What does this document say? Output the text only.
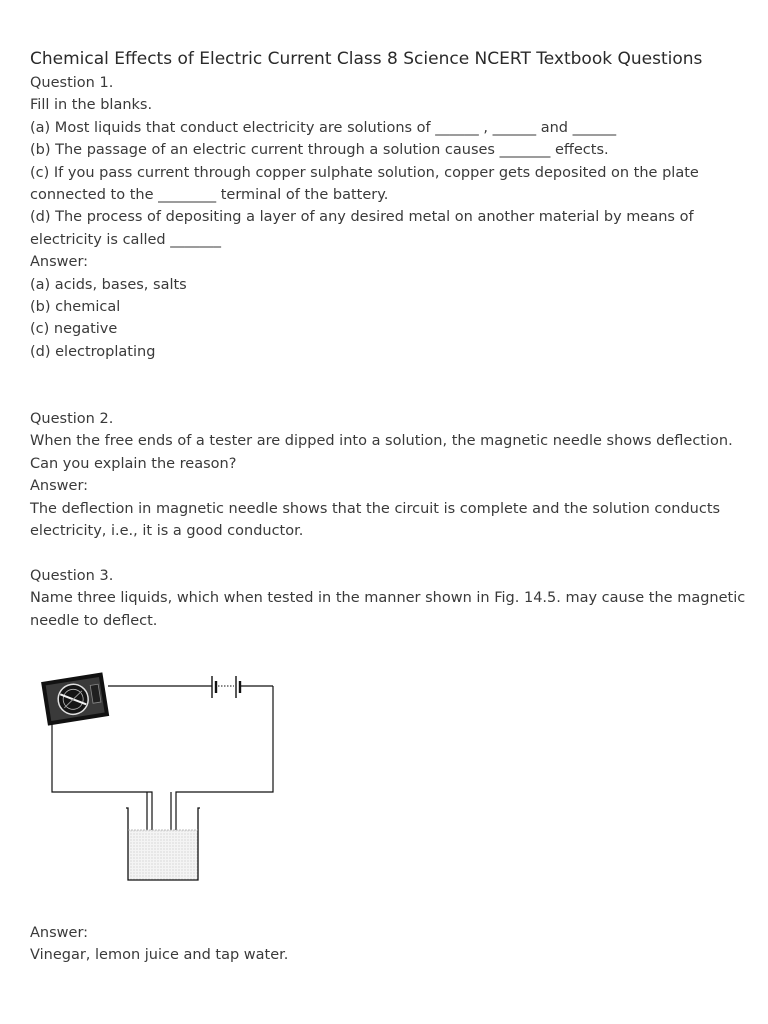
Chemical Effects of Electric Current Class 8 Science NCERT Textbook Questions

Question 1.

Fill in the blanks.

(a) Most liquids that conduct electricity are solutions of ______ , ______ and ______

(b) The passage of an electric current through a solution causes _______ effects.

(c) If you pass current through copper sulphate solution, copper gets deposited on the plate

connected to the ________ terminal of the battery.

(d) The process of depositing a layer of any desired metal on another material by means of

electricity is called _______

Answer:

(a) acids, bases, salts

(b) chemical

(c) negative

(d) electroplating

Question 2.

When the free ends of a tester are dipped into a solution, the magnetic needle shows deflection.

Can you explain the reason?

Answer:

The deflection in magnetic needle shows that the circuit is complete and the solution conducts

electricity, i.e., it is a good conductor.

Question 3.

Name three liquids, which when tested in the manner shown in Fig. 14.5. may cause the magnetic

needle to deflect.

Answer:

Vinegar, lemon juice and tap water.
